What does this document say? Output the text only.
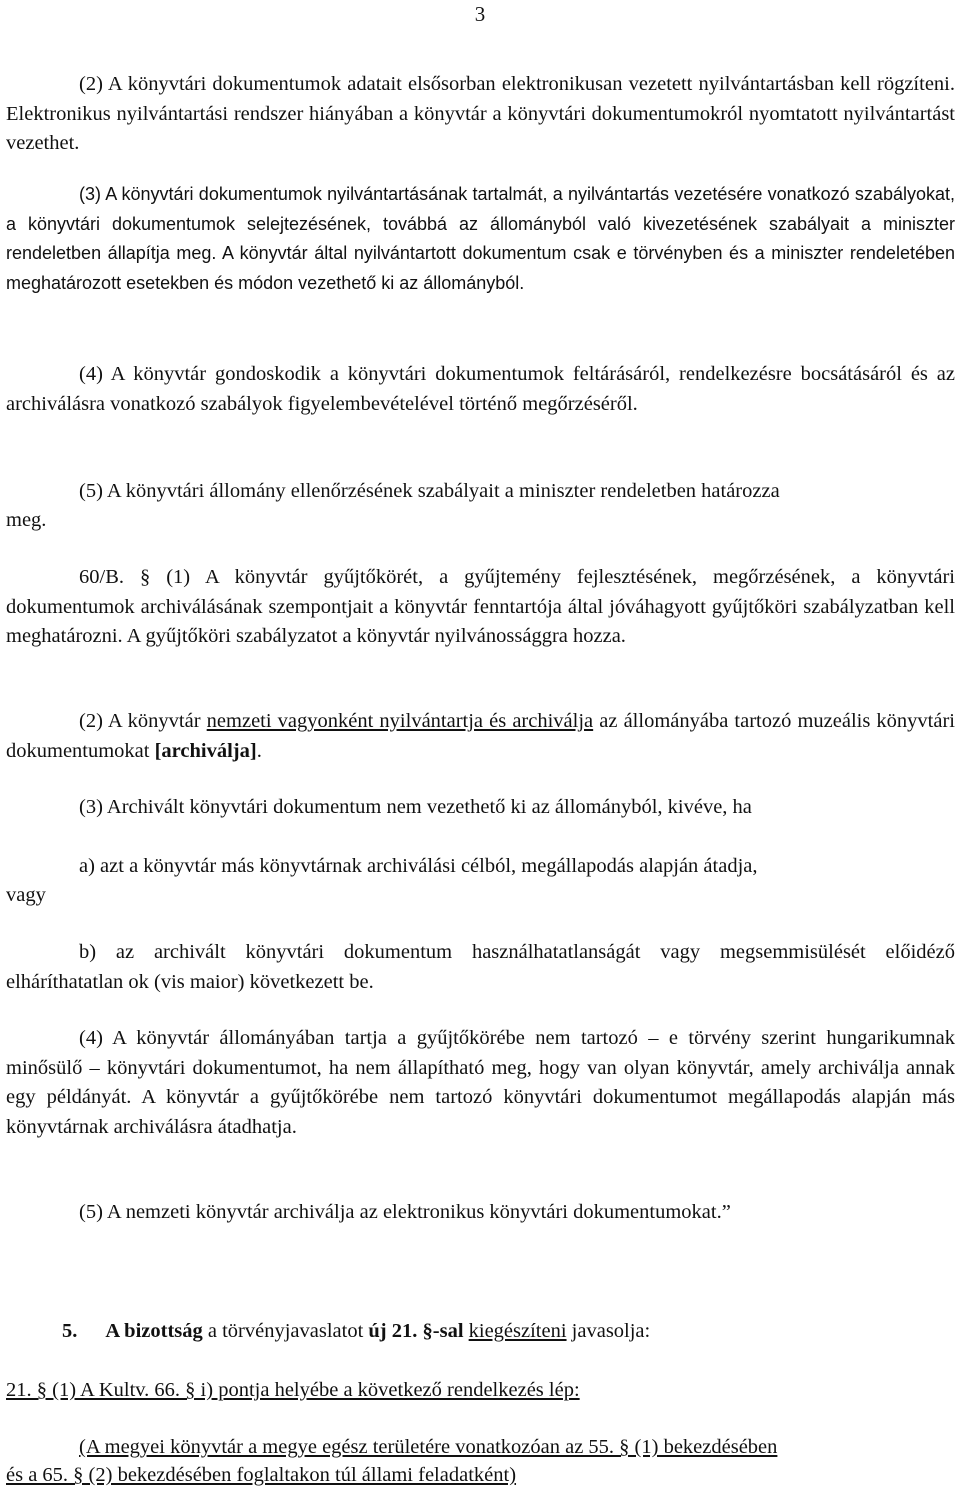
3

(2) A könyvtári dokumentumok adatait elsősorban elektronikusan vezetett nyilvántartásban kell rögzíteni. Elektronikus nyilvántartási rendszer hiányában a könyvtár a könyvtári dokumentumokról nyomtatott nyilvántartást vezethet.

(3) A könyvtári dokumentumok nyilvántartásának tartalmát, a nyilvántartás vezetésére vonatkozó szabályokat, a könyvtári dokumentumok selejtezésének, továbbá az állományból való kivezetésének szabályait a miniszter rendeletben állapítja meg. A könyvtár által nyilvántartott dokumentum csak e törvényben és a miniszter rendeletében meghatározott esetekben és módon vezethető ki az állományból.

(4) A könyvtár gondoskodik a könyvtári dokumentumok feltárásáról, rendelkezésre bocsátásáról és az archiválásra vonatkozó szabályok figyelembevételével történő megőrzéséről.

(5) A könyvtári állomány ellenőrzésének szabályait a miniszter rendeletben határozza

meg.

60/B. § (1) A könyvtár gyűjtőkörét, a gyűjtemény fejlesztésének, megőrzésének, a könyvtári dokumentumok archiválásának szempontjait a könyvtár fenntartója által jóváhagyott gyűjtőköri szabályzatban kell meghatározni. A gyűjtőköri szabályzatot a könyvtár nyilvánossággra hozza.

(2) A könyvtár nemzeti vagyonként nyilvántartja és archiválja az állományába tartozó muzeális könyvtári dokumentumokat [archiválja].

(3) Archivált könyvtári dokumentum nem vezethető ki az állományból, kivéve, ha

a) azt a könyvtár más könyvtárnak archiválási célból, megállapodás alapján átadja,

vagy

b) az archivált könyvtári dokumentum használhatatlanságát vagy megsemmisülését előidéző elháríthatatlan ok (vis maior) következett be.

(4) A könyvtár állományában tartja a gyűjtőkörébe nem tartozó – e törvény szerint hungarikumnak minősülő – könyvtári dokumentumot, ha nem állapítható meg, hogy van olyan könyvtár, amely archiválja annak egy példányát. A könyvtár a gyűjtőkörébe nem tartozó könyvtári dokumentumot megállapodás alapján más könyvtárnak archiválásra átadhatja.

(5) A nemzeti könyvtár archiválja az elektronikus könyvtári dokumentumokat.”

5. A bizottság a törvényjavaslatot új 21. §-sal kiegészíteni javasolja:

21. § (1) A Kultv. 66. § i) pontja helyébe a következő rendelkezés lép:

(A megyei könyvtár a megye egész területére vonatkozóan az 55. § (1) bekezdésében

és a 65. § (2) bekezdésében foglaltakon túl állami feladatként)
